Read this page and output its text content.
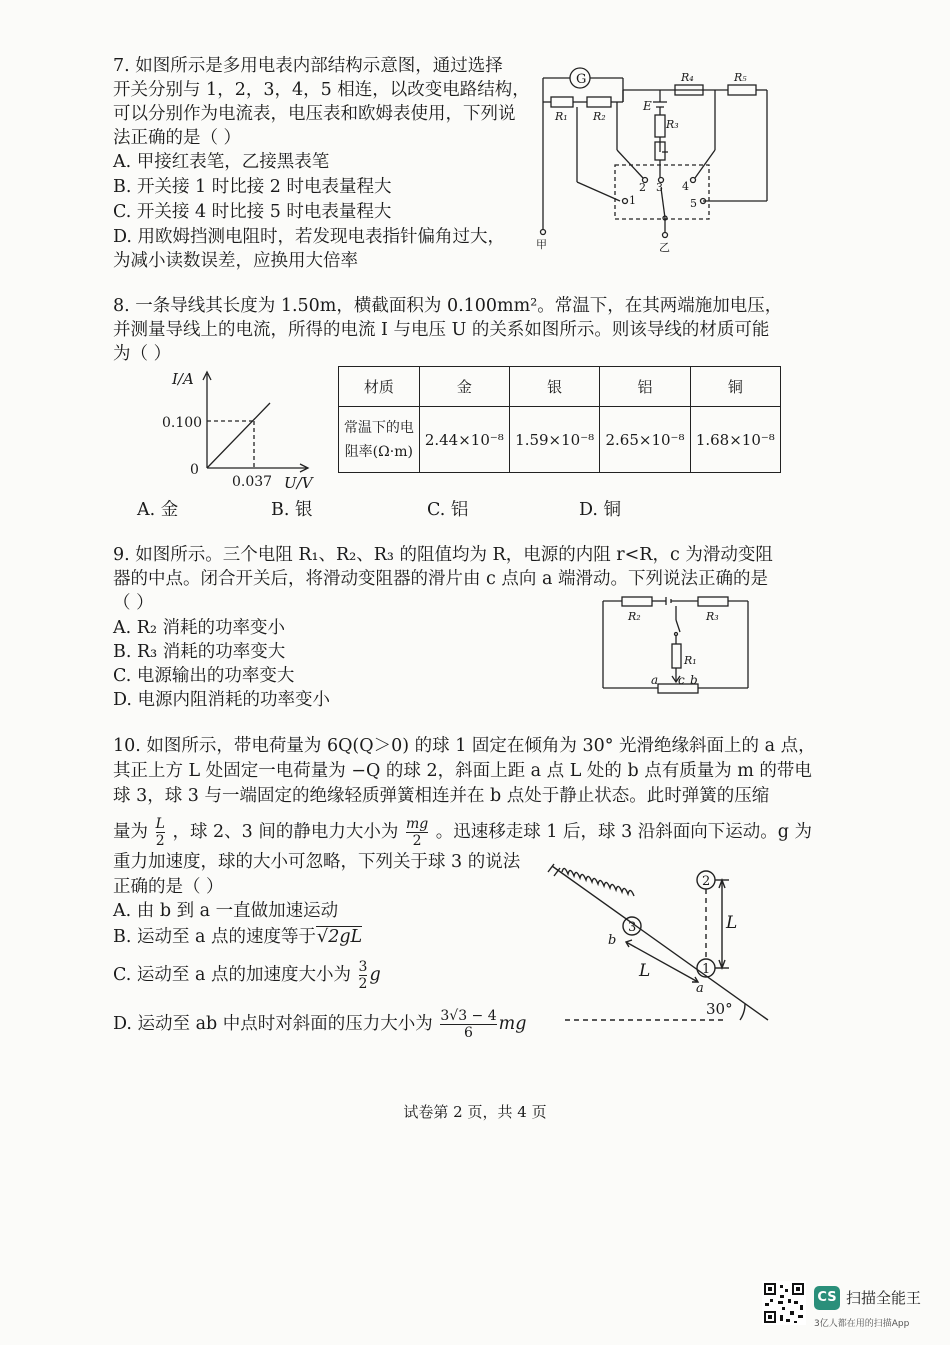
7. 如图所示是多用电表内部结构示意图，通过选择
开关分别与 1，2，3，4，5 相连，以改变电路结构，
可以分别作为电流表，电压表和欧姆表使用，下列说
法正确的是（ ）
A. 甲接红表笔，乙接黑表笔
B. 开关接 1 时比接 2 时电表量程大
C. 开关接 4 时比接 5 时电表量程大
D. 用欧姆挡测电阻时，若发现电表指针偏角过大，
为减小读数误差，应换用大倍率
G
R₁ R₂
R₄	R₅
E
R₃
1
2 3 4
5
甲	乙
8. 一条导线其长度为 1.50m，横截面积为 0.100mm²。常温下，在其两端施加电压，
并测量导线上的电流，所得的电流 I 与电压 U 的关系如图所示。则该导线的材质可能
为（ ）
I/A
0.100
0
0.037 U/V
材质	金	银	铝	铜
常温下的电
阻率(Ω·m)	2.44×10⁻⁸	1.59×10⁻⁸	2.65×10⁻⁸	1.68×10⁻⁸
A. 金	B. 银	C. 铝	D. 铜
9. 如图所示。三个电阻 R₁、R₂、R₃ 的阻值均为 R，电源的内阻 r<R，c 为滑动变阻
器的中点。闭合开关后，将滑动变阻器的滑片由 c 点向 a 端滑动。下列说法正确的是
（ ）
A. R₂ 消耗的功率变小
B. R₃ 消耗的功率变大
C. 电源输出的功率变大
D. 电源内阻消耗的功率变小
R₂	R₃
R₁
a c b
10. 如图所示，带电荷量为 6Q(Q＞0) 的球 1 固定在倾角为 30° 光滑绝缘斜面上的 a 点，
其正上方 L 处固定一电荷量为 −Q 的球 2，斜面上距 a 点 L 处的 b 点有质量为 m 的带电
球 3，球 3 与一端固定的绝缘轻质弹簧相连并在 b 点处于静止状态。此时弹簧的压缩
量为 $\frac{L}{2}$ ，球 2、3 间的静电力大小为 $\frac{mg}{2}$ 。迅速移走球 1 后，球 3 沿斜面向下运动。g 为
重力加速度，球的大小可忽略，下列关于球 3 的说法
正确的是（ ）
A. 由 b 到 a 一直做加速运动
B. 运动至 a 点的速度等于√2gL
C. 运动至 a 点的加速度大小为 $\frac{3}{2}$ g
D. 运动至 ab 中点时对斜面的压力大小为 $\frac{3√3 - 4}{6}$ mg
2
3
1
L
L
b
a
30°
试卷第 2 页，共 4 页
CS 扫描全能王
3亿人都在用的扫描App
